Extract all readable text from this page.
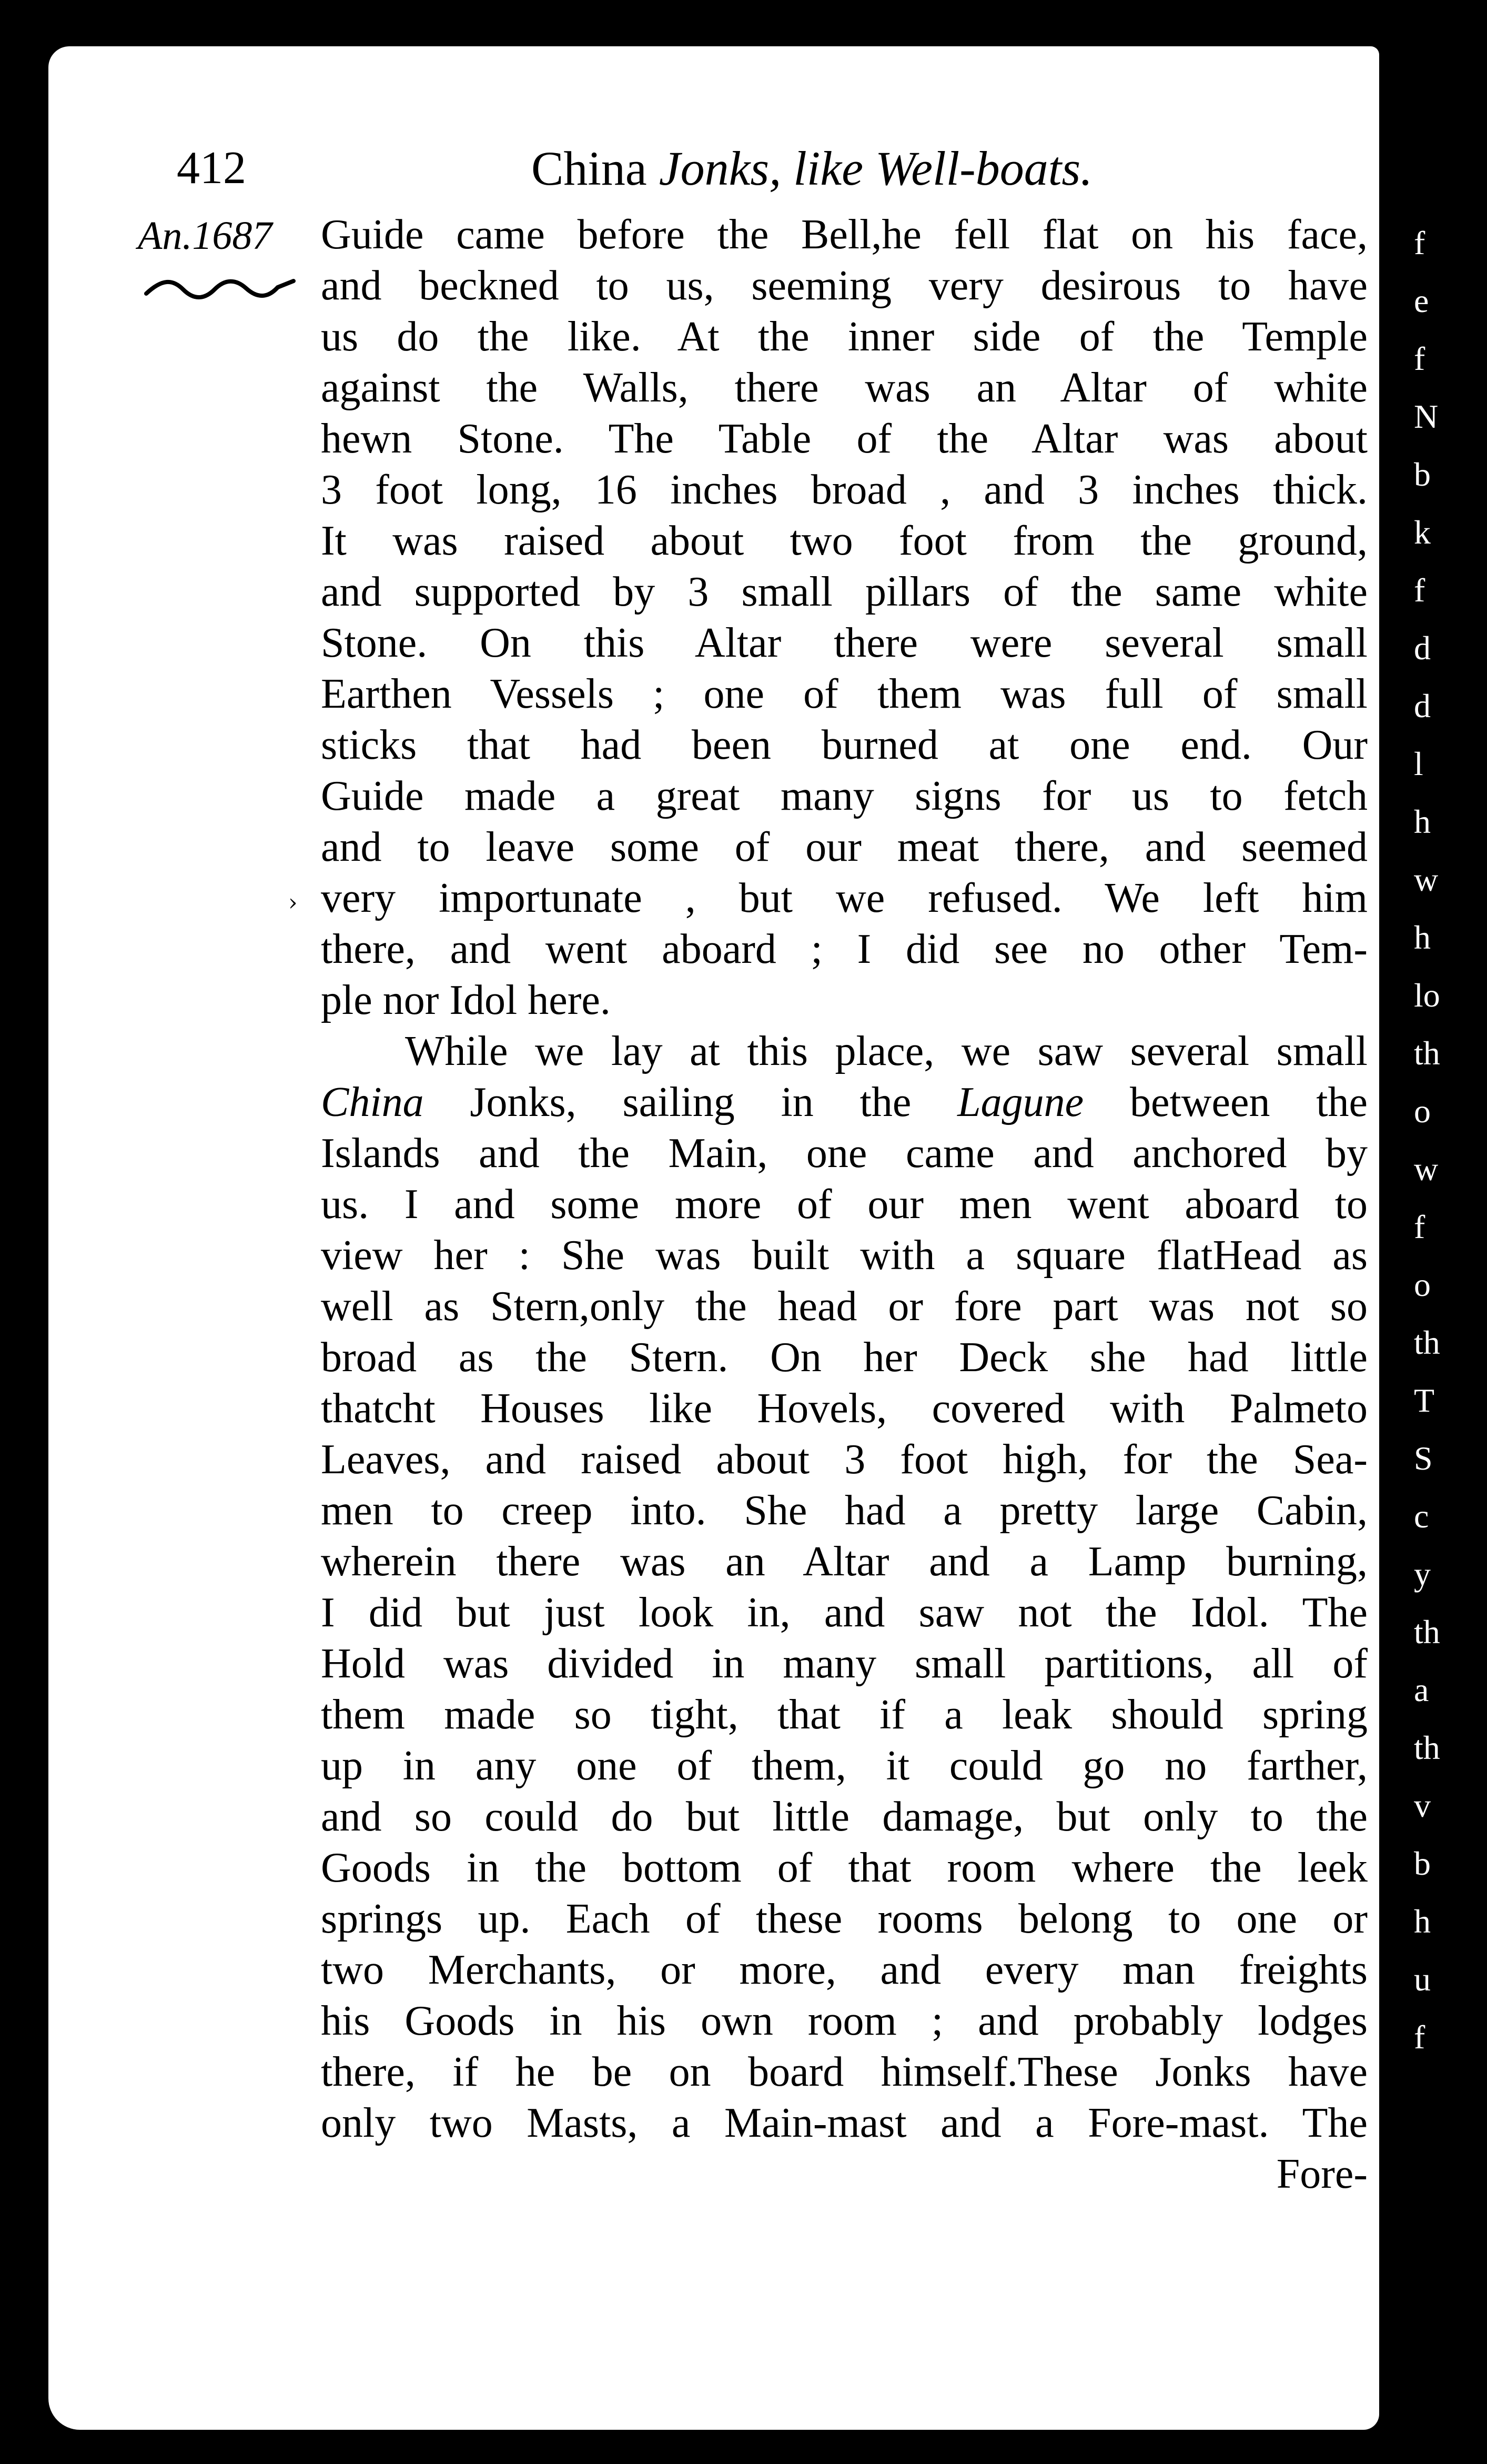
f
e
f
N
b
k
f
d
d
l
h
w
h
lo
th
o
w
f
o
th
T
S
c
y
th
a
th
v
b
h
u
f
412	China Jonks, like Well-boats.
An.1687
›
Guide came before the Bell,he fell flat on his face,
and beckned to us, seeming very desirous to have
us do the like. At the inner side of the Temple
against the Walls, there was an Altar of white
hewn Stone. The Table of the Altar was about
3 foot long, 16 inches broad , and 3 inches thick.
It was raised about two foot from the ground,
and supported by 3 small pillars of the same white
Stone. On this Altar there were several small
Earthen Vessels ; one of them was full of small
sticks that had been burned at one end. Our
Guide made a great many signs for us to fetch
and to leave some of our meat there, and seemed
very importunate , but we refused. We left him
there, and went aboard ; I did see no other Tem-
ple nor Idol here.
While we lay at this place, we saw several small
China Jonks, sailing in the Lagune between the
Islands and the Main, one came and anchored by
us. I and some more of our men went aboard to
view her : She was built with a square flatHead as
well as Stern,only the head or fore part was not so
broad as the Stern. On her Deck she had little
thatcht Houses like Hovels, covered with Palmeto
Leaves, and raised about 3 foot high, for the Sea-
men to creep into. She had a pretty large Cabin,
wherein there was an Altar and a Lamp burning,
I did but just look in, and saw not the Idol. The
Hold was divided in many small partitions, all of
them made so tight, that if a leak should spring
up in any one of them, it could go no farther,
and so could do but little damage, but only to the
Goods in the bottom of that room where the leek
springs up. Each of these rooms belong to one or
two Merchants, or more, and every man freights
his Goods in his own room ; and probably lodges
there, if he be on board himself.These Jonks have
only two Masts, a Main-mast and a Fore-mast. The
Fore-
